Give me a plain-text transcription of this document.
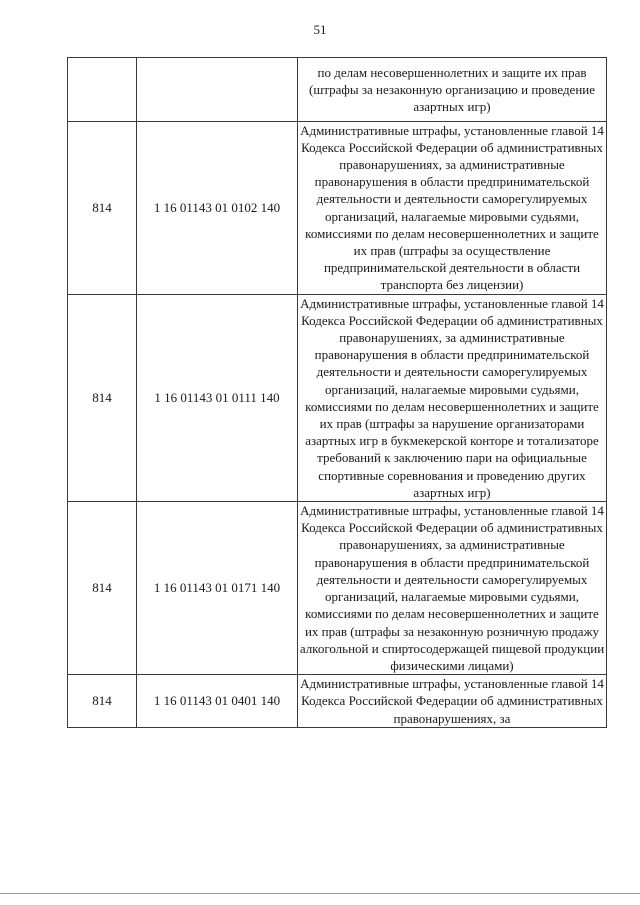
51
		по делам несовершеннолетних и защите их прав (штрафы за незаконную организацию и проведение азартных игр)
814	1 16 01143 01 0102 140	Административные штрафы, установленные главой 14 Кодекса Российской Федерации об административных правонарушениях, за административные правонарушения в области предпринимательской деятельности и деятельности саморегулируемых организаций, налагаемые мировыми судьями, комиссиями по делам несовершеннолетних и защите их прав (штрафы за осуществление предпринимательской деятельности в области транспорта без лицензии)
814	1 16 01143 01 0111 140	Административные штрафы, установленные главой 14 Кодекса Российской Федерации об административных правонарушениях, за административные правонарушения в области предпринимательской деятельности и деятельности саморегулируемых организаций, налагаемые мировыми судьями, комиссиями по делам несовершеннолетних и защите их прав (штрафы за нарушение организаторами азартных игр в букмекерской конторе и тотализаторе требований к заключению пари на официальные спортивные соревнования и проведению других азартных игр)
814	1 16 01143 01 0171 140	Административные штрафы, установленные главой 14 Кодекса Российской Федерации об административных правонарушениях, за административные правонарушения в области предпринимательской деятельности и деятельности саморегулируемых организаций, налагаемые мировыми судьями, комиссиями по делам несовершеннолетних и защите их прав (штрафы за незаконную розничную продажу алкогольной и спиртосодержащей пищевой продукции физическими лицами)
814	1 16 01143 01 0401 140	Административные штрафы, установленные главой 14 Кодекса Российской Федерации об административных правонарушениях, за
